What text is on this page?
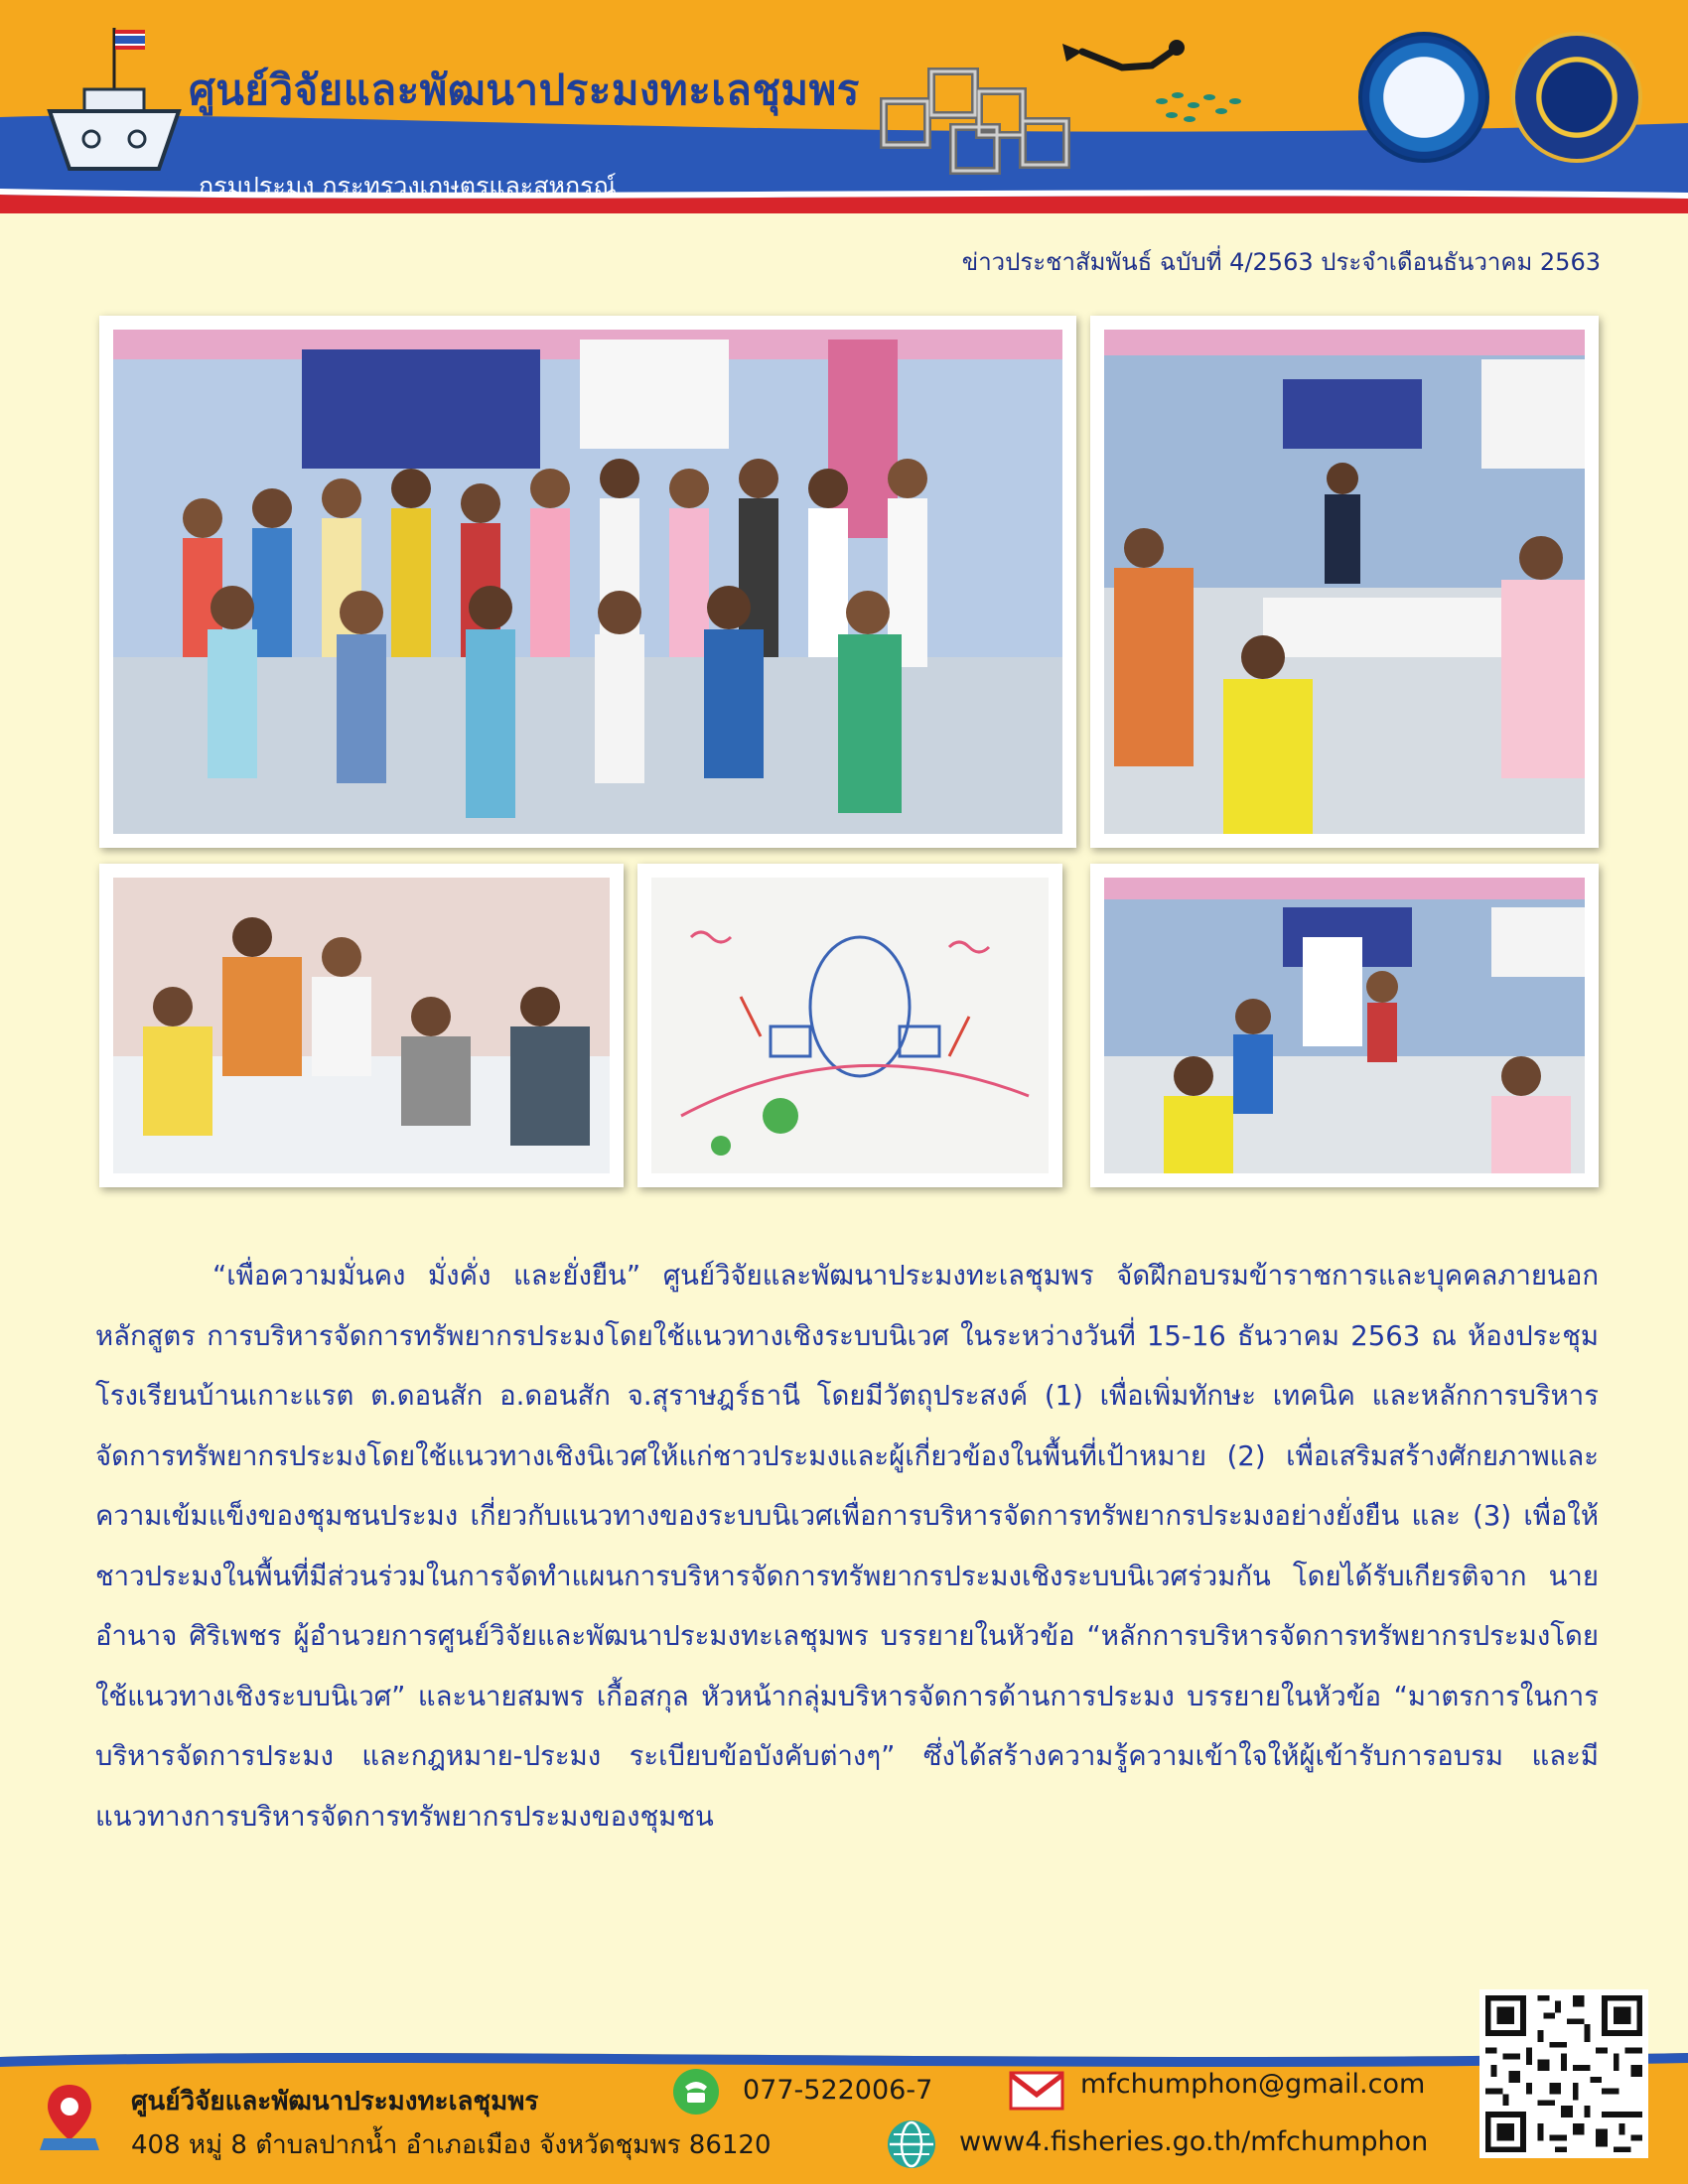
ศูนย์วิจัยและพัฒนาประมงทะเลชุมพร
กรมประมง กระทรวงเกษตรและสหกรณ์
ข่าวประชาสัมพันธ์ ฉบับที่ 4/2563 ประจำเดือนธันวาคม 2563
“เพื่อความมั่นคง มั่งคั่ง และยั่งยืน” ศูนย์วิจัยและพัฒนาประมงทะเลชุมพร จัดฝึกอบรมข้าราชการและบุคคลภายนอก หลักสูตร การบริหารจัดการทรัพยากรประมงโดยใช้แนวทางเชิงระบบนิเวศ ในระหว่างวันที่ 15-16 ธันวาคม 2563 ณ ห้องประชุมโรงเรียนบ้านเกาะแรต ต.ดอนสัก อ.ดอนสัก จ.สุราษฎร์ธานี โดยมีวัตถุประสงค์ (1) เพื่อเพิ่มทักษะ เทคนิค และหลักการบริหารจัดการทรัพยากรประมงโดยใช้แนวทางเชิงนิเวศให้แก่ชาวประมงและผู้เกี่ยวข้องในพื้นที่เป้าหมาย (2) เพื่อเสริมสร้างศักยภาพและความเข้มแข็งของชุมชนประมง เกี่ยวกับแนวทางของระบบนิเวศเพื่อการบริหารจัดการทรัพยากรประมงอย่างยั่งยืน และ (3) เพื่อให้ชาวประมงในพื้นที่มีส่วนร่วมในการจัดทำแผนการบริหารจัดการทรัพยากรประมงเชิงระบบนิเวศร่วมกัน โดยได้รับเกียรติจาก นายอำนาจ ศิริเพชร ผู้อำนวยการศูนย์วิจัยและพัฒนาประมงทะเลชุมพร บรรยายในหัวข้อ “หลักการบริหารจัดการทรัพยากรประมงโดยใช้แนวทางเชิงระบบนิเวศ” และนายสมพร เกื้อสกุล หัวหน้ากลุ่มบริหารจัดการด้านการประมง บรรยายในหัวข้อ “มาตรการในการบริหารจัดการประมง และกฎหมาย-ประมง ระเบียบข้อบังคับต่างๆ” ซึ่งได้สร้างความรู้ความเข้าใจให้ผู้เข้ารับการอบรม และมีแนวทางการบริหารจัดการทรัพยากรประมงของชุมชน
ศูนย์วิจัยและพัฒนาประมงทะเลชุมพร
408 หมู่ 8 ตำบลปากน้ำ อำเภอเมือง จังหวัดชุมพร 86120
077-522006-7	mfchumphon@gmail.com
www4.fisheries.go.th/mfchumphon
